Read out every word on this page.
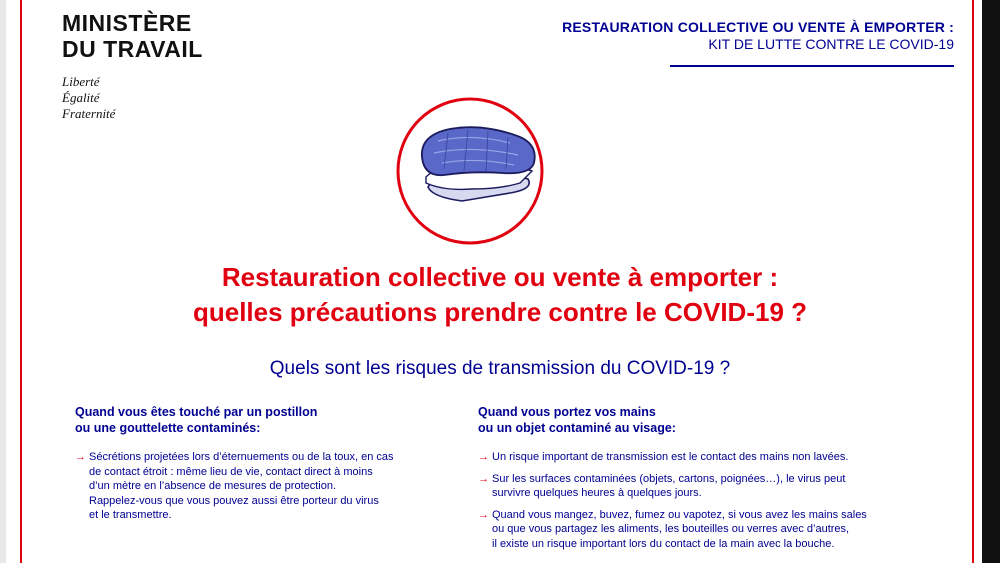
MINISTÈRE
DU TRAVAIL
Liberté
Égalité
Fraternité
RESTAURATION COLLECTIVE OU VENTE À EMPORTER :
KIT DE LUTTE CONTRE LE COVID-19
Restauration collective ou vente à emporter :
quelles précautions prendre contre le COVID-19 ?
Quels sont les risques de transmission du COVID-19 ?
Quand vous êtes touché par un postillon
ou une gouttelette contaminés:
→ Sécrétions projetées lors d’éternuements ou de la toux, en cas
de contact étroit : même lieu de vie, contact direct à moins
d’un mètre en l’absence de mesures de protection.
Rappelez-vous que vous pouvez aussi être porteur du virus
et le transmettre.
Quand vous portez vos mains
ou un objet contaminé au visage:
→ Un risque important de transmission est le contact des mains non lavées.
→ Sur les surfaces contaminées (objets, cartons, poignées…), le virus peut
survivre quelques heures à quelques jours.
→ Quand vous mangez, buvez, fumez ou vapotez, si vous avez les mains sales
ou que vous partagez les aliments, les bouteilles ou verres avec d’autres,
il existe un risque important lors du contact de la main avec la bouche.
